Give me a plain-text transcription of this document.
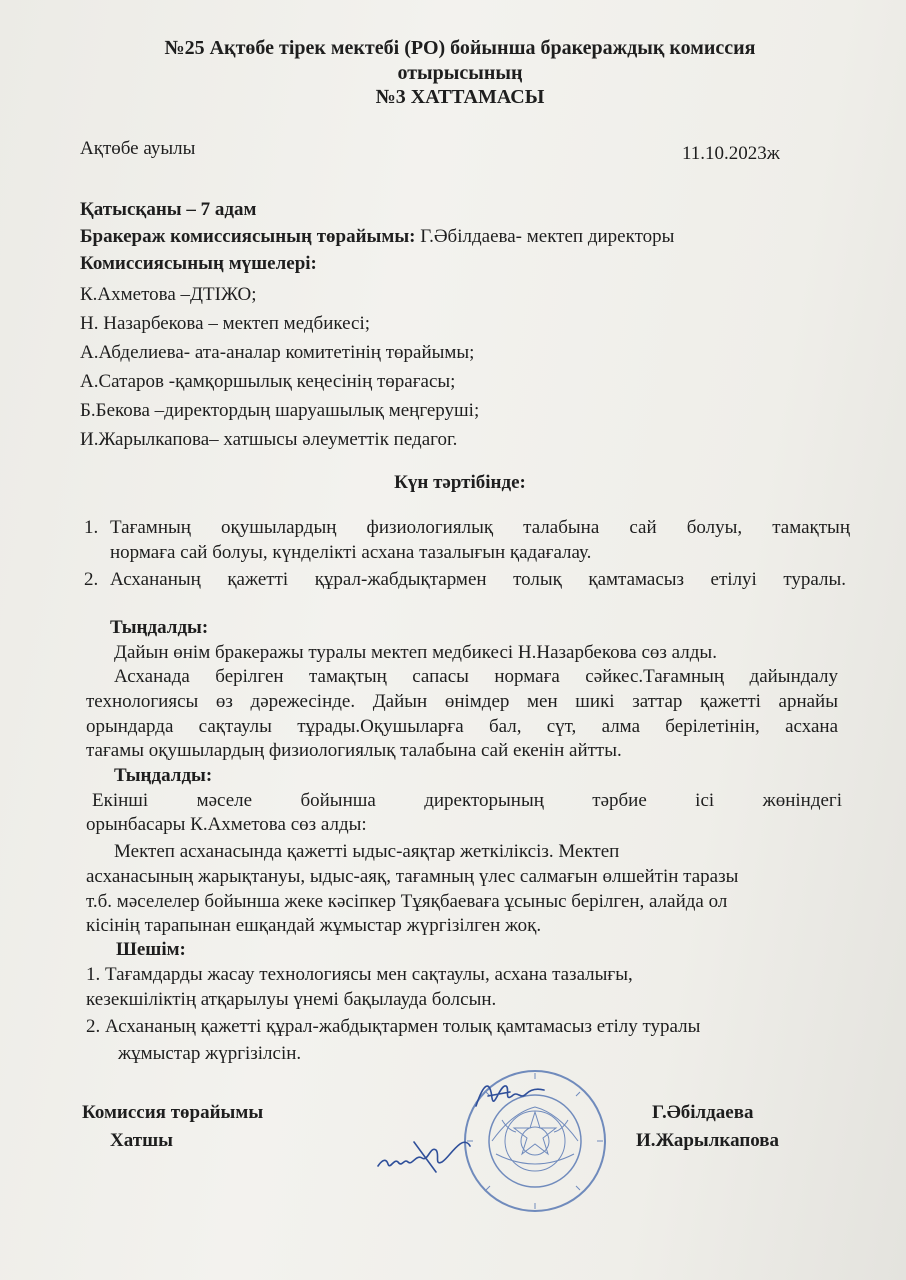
№25 Ақтөбе тірек мектебі (РО) бойынша бракераждық комиссия
отырысының
№3 ХАТТАМАСЫ
Ақтөбе ауылы	11.10.2023ж
Қатысқаны – 7 адам
Бракераж комиссиясының төрайымы: Г.Әбілдаева- мектеп директоры
Комиссиясының мүшелері:
К.Ахметова –ДТІЖО;
Н. Назарбекова – мектеп медбикесі;
А.Абделиева- ата-аналар комитетінің төрайымы;
А.Сатаров -қамқоршылық кеңесінің төрағасы;
Б.Бекова –директордың шаруашылық меңгеруші;
И.Жарылкапова– хатшысы әлеуметтік педагог.
Күн тәртібінде:
1. Тағамның оқушылардың физиологиялық талабына сай болуы, тамақтың
нормаға сай болуы, күнделікті асхана тазалығын қадағалау.
2. Асхананың қажетті құрал-жабдықтармен толық қамтамасыз етілуі туралы.
Тыңдалды:
Дайын өнім бракеражы туралы мектеп медбикесі Н.Назарбекова сөз алды.
Асханада берілген тамақтың сапасы нормаға сәйкес.Тағамның дайындалу
технологиясы өз дәрежесінде. Дайын өнімдер мен шикі заттар қажетті арнайы
орындарда сақтаулы тұрады.Оқушыларға бал, сүт, алма берілетінін, асхана
тағамы оқушылардың физиологиялық талабына сай екенін айтты.
Тыңдалды:
Екінші мәселе бойынша директорының тәрбие ісі жөніндегі
орынбасары К.Ахметова сөз алды:
Мектеп асханасында қажетті ыдыс-аяқтар жеткіліксіз. Мектеп
асханасының жарықтануы, ыдыс-аяқ, тағамның үлес салмағын өлшейтін таразы
т.б. мәселелер бойынша жеке кәсіпкер Тұяқбаеваға ұсыныс берілген, алайда ол
кісінің тарапынан ешқандай жұмыстар жүргізілген жоқ.
Шешім:
1. Тағамдарды жасау технологиясы мен сақтаулы, асхана тазалығы,
кезекшіліктің атқарылуы үнемі бақылауда болсын.
2. Асхананың қажетті құрал-жабдықтармен толық қамтамасыз етілу туралы
жұмыстар жүргізілсін.
Комиссия төрайымы
Хатшы
Г.Әбілдаева
И.Жарылкапова
